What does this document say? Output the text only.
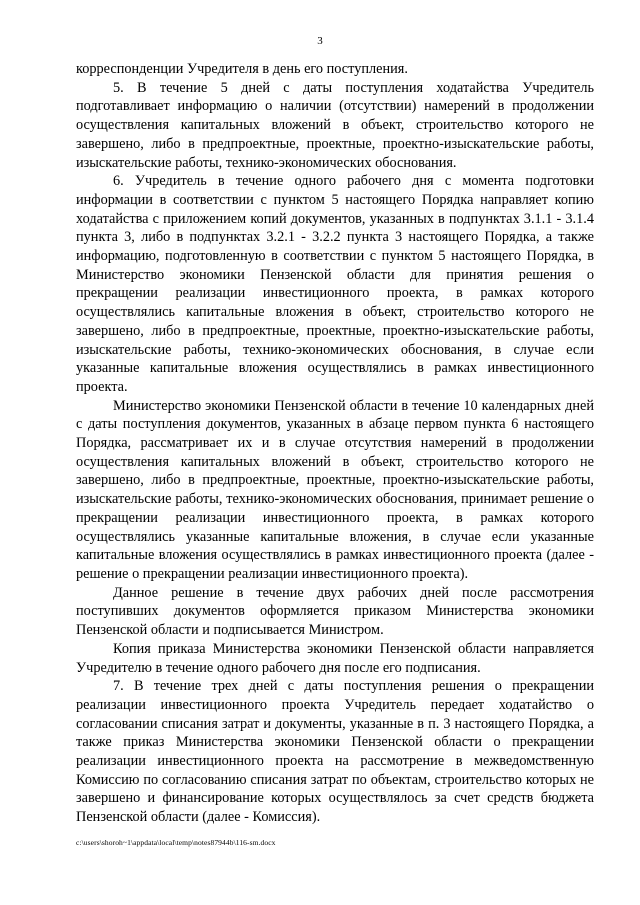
3

корреспонденции Учредителя в день его поступления.

5. В течение 5 дней с даты поступления ходатайства Учредитель подготавливает информацию о наличии (отсутствии) намерений в продолжении осуществления капитальных вложений в объект, строительство которого не завершено, либо в предпроектные, проектные, проектно-изыскательские работы, изыскательские работы, технико-экономических обоснования.

6. Учредитель в течение одного рабочего дня с момента подготовки информации в соответствии с пунктом 5 настоящего Порядка направляет копию ходатайства с приложением копий документов, указанных в подпунктах 3.1.1 - 3.1.4 пункта 3, либо в подпунктах 3.2.1 - 3.2.2 пункта 3 настоящего Порядка, а также информацию, подготовленную в соответствии с пунктом 5 настоящего Порядка, в Министерство экономики Пензенской области для принятия решения о прекращении реализации инвестиционного проекта, в рамках которого осуществлялись капитальные вложения в объект, строительство которого не завершено, либо в предпроектные, проектные, проектно-изыскательские работы, изыскательские работы, технико-экономических обоснования, в случае если указанные капитальные вложения осуществлялись в рамках инвестиционного проекта.

Министерство экономики Пензенской области в течение 10 календарных дней с даты поступления документов, указанных в абзаце первом пункта 6 настоящего Порядка, рассматривает их и в случае отсутствия намерений в продолжении осуществления капитальных вложений в объект, строительство которого не завершено, либо в предпроектные, проектные, проектно-изыскательские работы, изыскательские работы, технико-экономических обоснования, принимает решение о прекращении реализации инвестиционного проекта, в рамках которого осуществлялись указанные капитальные вложения, в случае если указанные капитальные вложения осуществлялись в рамках инвестиционного проекта (далее - решение о прекращении реализации инвестиционного проекта).

Данное решение в течение двух рабочих дней после рассмотрения поступивших документов оформляется приказом Министерства экономики Пензенской области и подписывается Министром.

Копия приказа Министерства экономики Пензенской области направляется Учредителю в течение одного рабочего дня после его подписания.

7. В течение трех дней с даты поступления решения о прекращении реализации инвестиционного проекта Учредитель передает ходатайство о согласовании списания затрат и документы, указанные в п. 3 настоящего Порядка, а также приказ Министерства экономики Пензенской области о прекращении реализации инвестиционного проекта на рассмотрение в межведомственную Комиссию по согласованию списания затрат по объектам, строительство которых не завершено и финансирование которых осуществлялось за счет средств бюджета Пензенской области (далее - Комиссия).

c:\users\shoroh~1\appdata\local\temp\notes87944b\116-sm.docx
